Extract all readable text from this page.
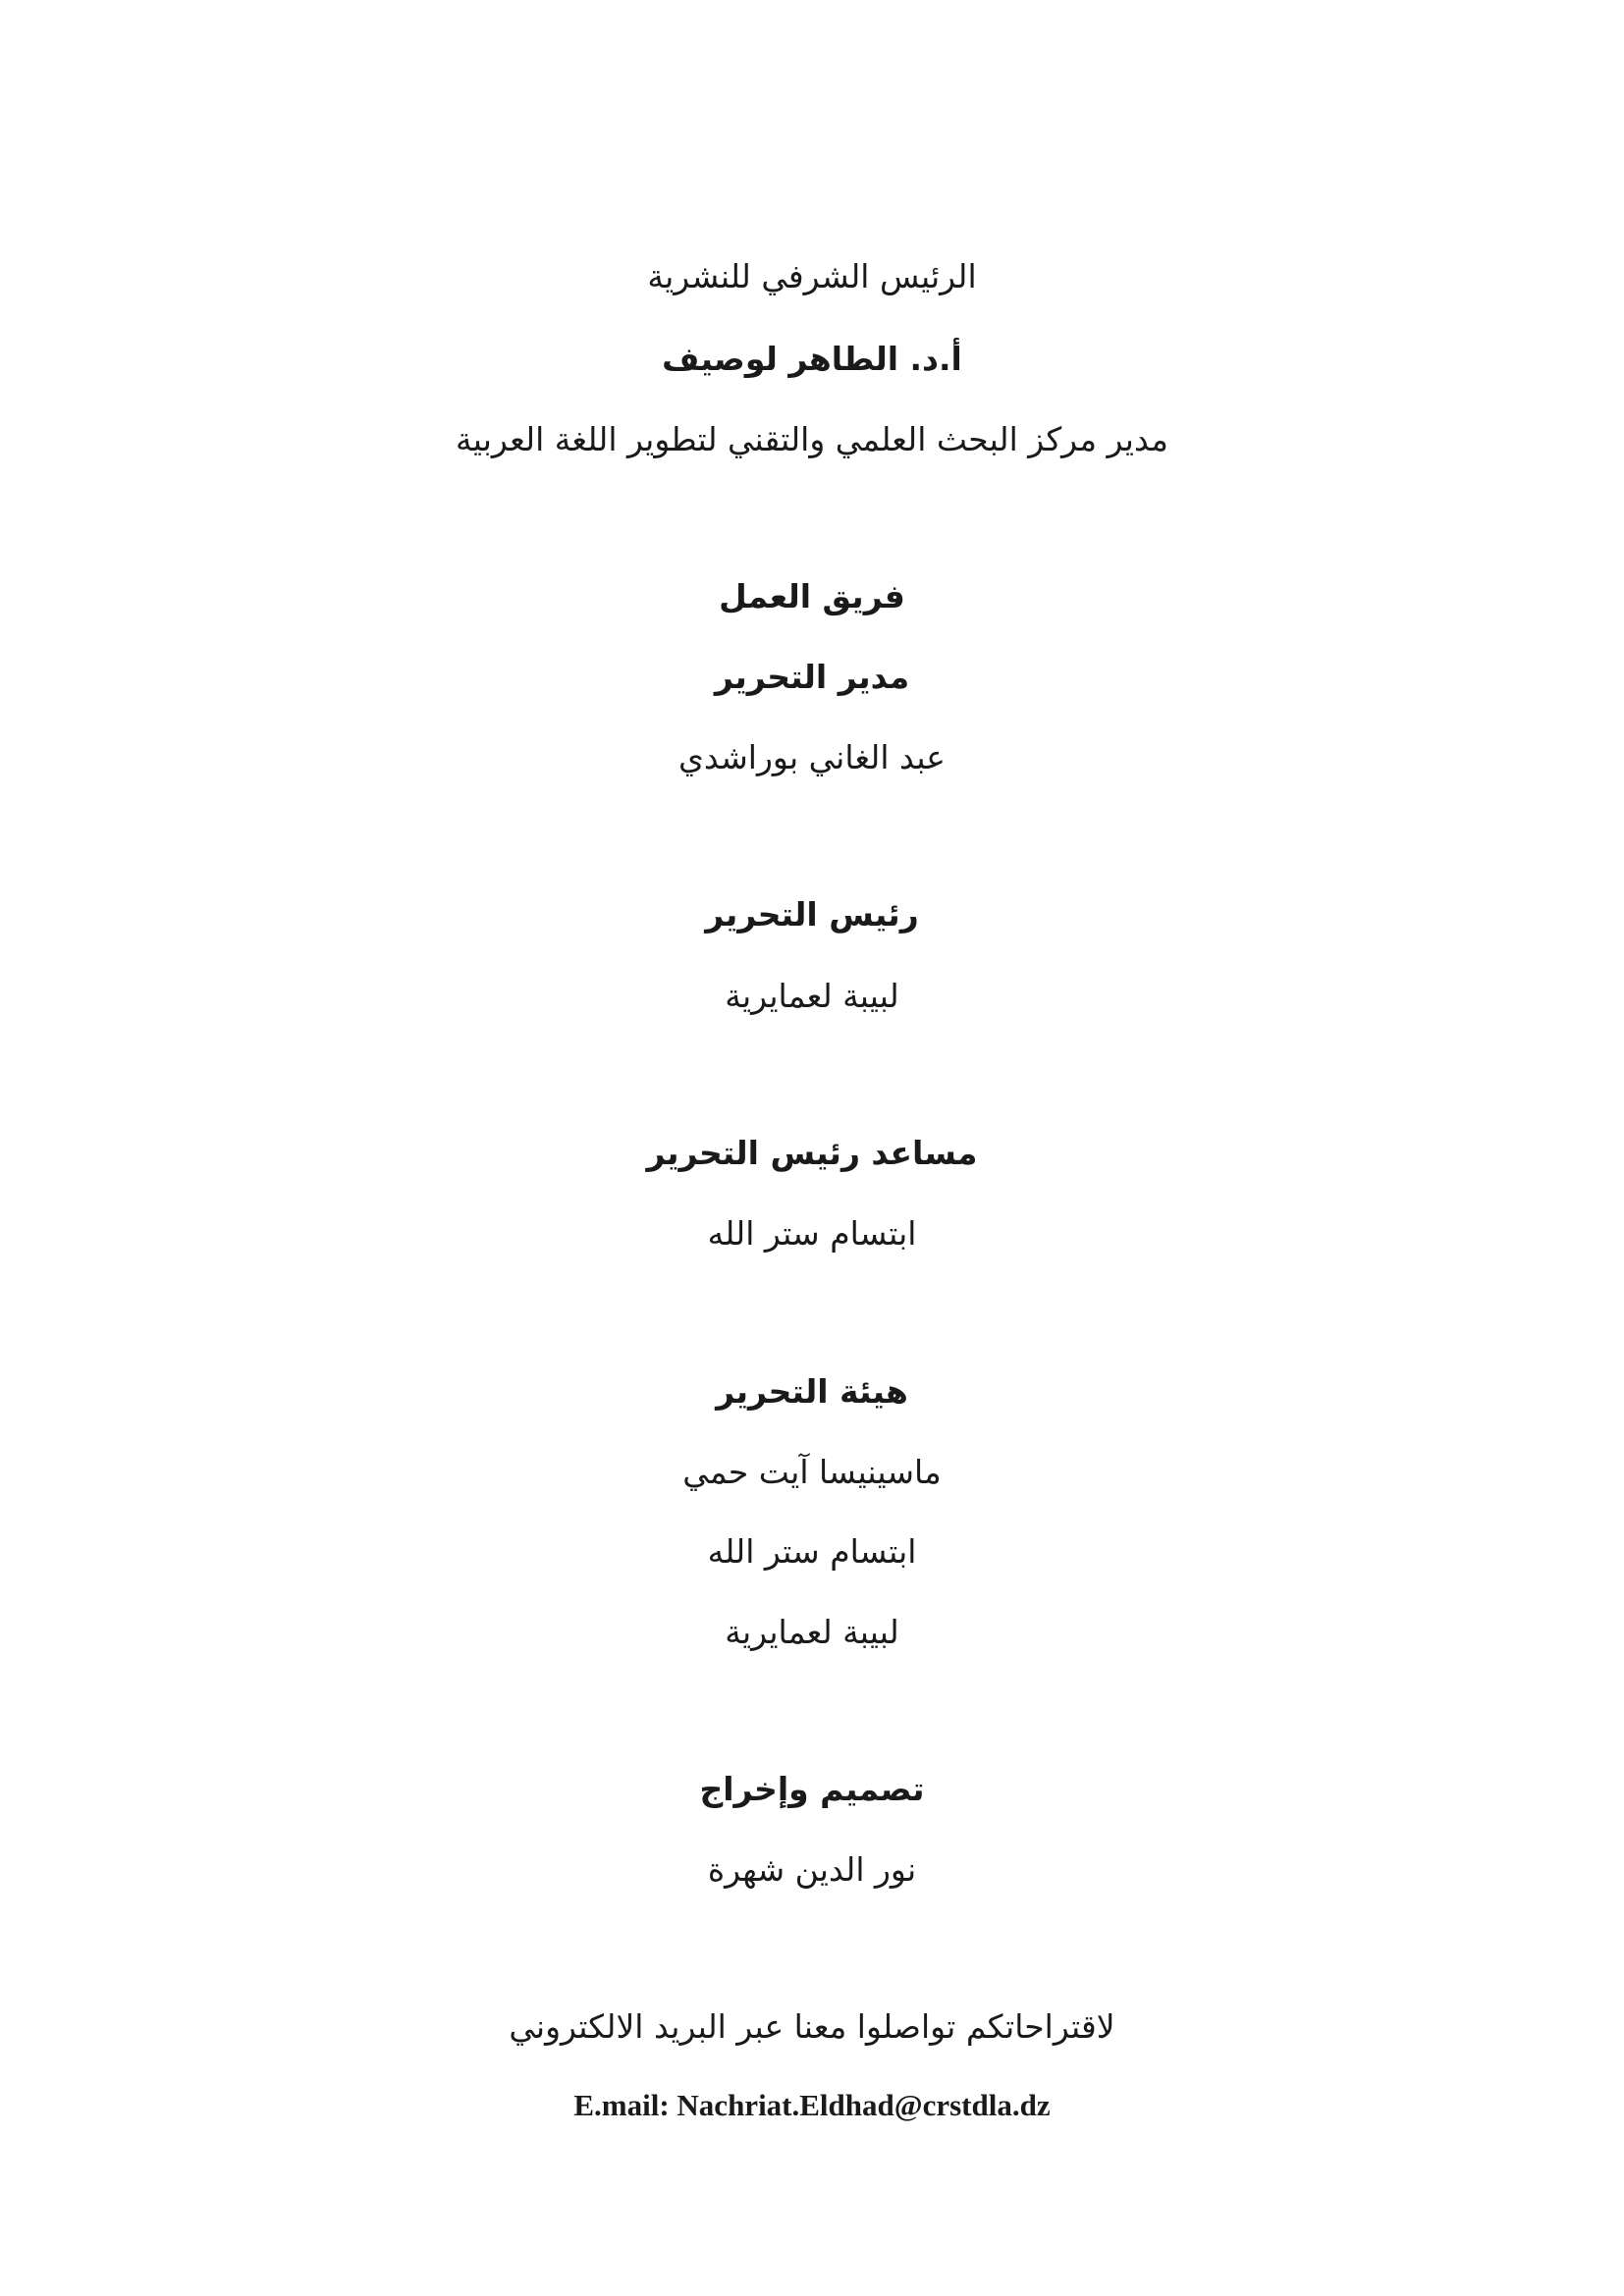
الرئيس الشرفي للنشرية
أ.د. الطاهر لوصيف
مدير مركز البحث العلمي والتقني لتطوير اللغة العربية
فريق العمل
مدير التحرير
عبد الغاني بوراشدي
رئيس التحرير
لبيبة لعمايرية
مساعد رئيس التحرير
ابتسام ستر الله
هيئة التحرير
ماسينيسا آيت حمي
ابتسام ستر الله
لبيبة لعمايرية
تصميم وإخراج
نور الدين شهرة
لاقتراحاتكم تواصلوا معنا عبر البريد الالكتروني
E.mail: Nachriat.Eldhad@crstdla.dz
